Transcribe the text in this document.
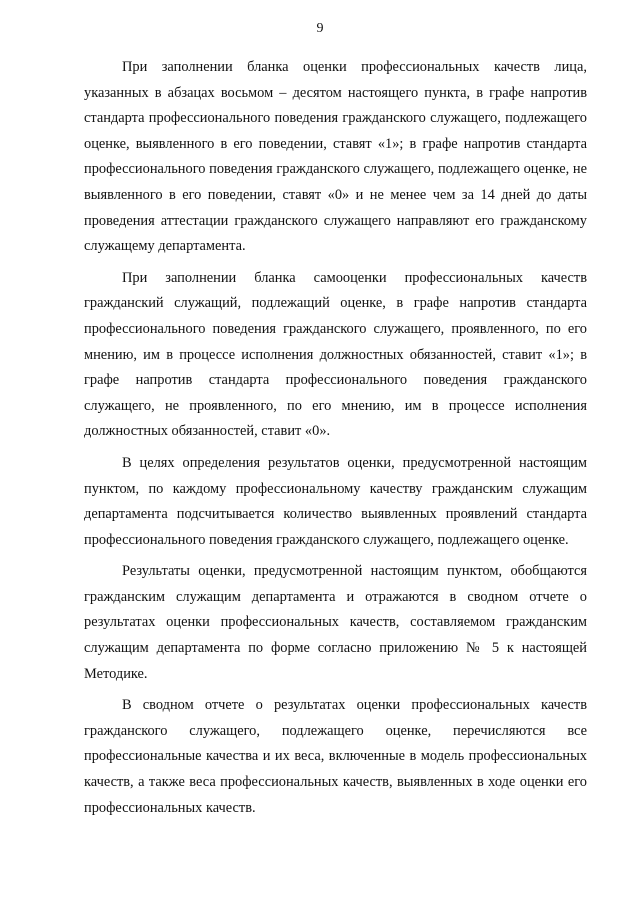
9

При заполнении бланка оценки профессиональных качеств лица, указанных в абзацах восьмом – десятом настоящего пункта, в графе напротив стандарта профессионального поведения гражданского служащего, подлежащего оценке, выявленного в его поведении, ставят «1»; в графе напротив стандарта профессионального поведения гражданского служащего, подлежащего оценке, не выявленного в его поведении, ставят «0» и не менее чем за 14 дней до даты проведения аттестации гражданского служащего направляют его гражданскому служащему департамента.

При заполнении бланка самооценки профессиональных качеств гражданский служащий, подлежащий оценке, в графе напротив стандарта профессионального поведения гражданского служащего, проявленного, по его мнению, им в процессе исполнения должностных обязанностей, ставит «1»; в графе напротив стандарта профессионального поведения гражданского служащего, не проявленного, по его мнению, им в процессе исполнения должностных обязанностей, ставит «0».

В целях определения результатов оценки, предусмотренной настоящим пунктом, по каждому профессиональному качеству гражданским служащим департамента подсчитывается количество выявленных проявлений стандарта профессионального поведения гражданского служащего, подлежащего оценке.

Результаты оценки, предусмотренной настоящим пунктом, обобщаются гражданским служащим департамента и отражаются в сводном отчете о результатах оценки профессиональных качеств, составляемом гражданским служащим департамента по форме согласно приложению № 5 к настоящей Методике.

В сводном отчете о результатах оценки профессиональных качеств гражданского служащего, подлежащего оценке, перечисляются все профессиональные качества и их веса, включенные в модель профессиональных качеств, а также веса профессиональных качеств, выявленных в ходе оценки его профессиональных качеств.
